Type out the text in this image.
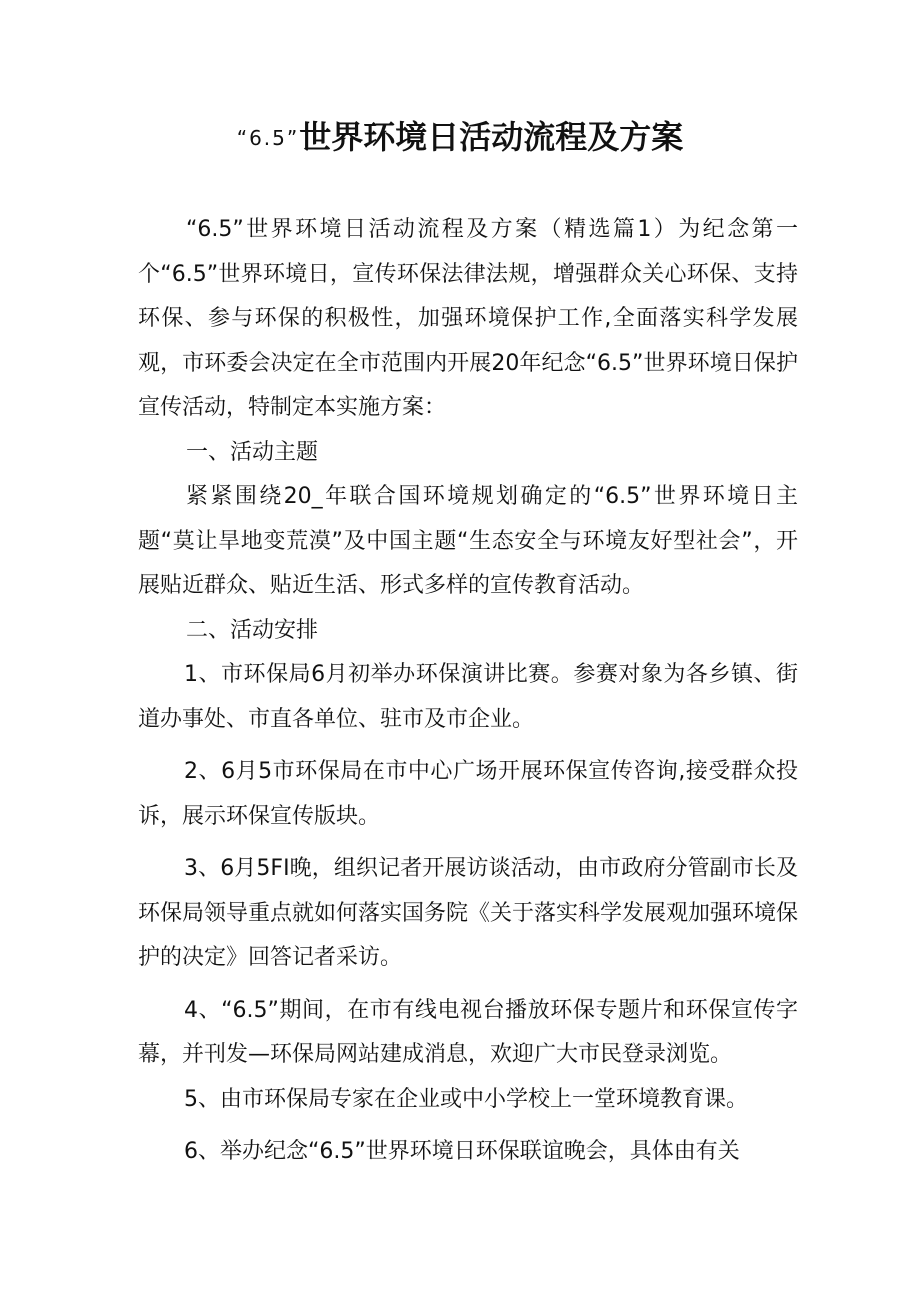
“6.5”世界环境日活动流程及方案

“6.5”世界环境日活动流程及方案（精选篇1）为纪念第一个“6.5”世界环境日，宣传环保法律法规，增强群众关心环保、支持环保、参与环保的积极性，加强环境保护工作,全面落实科学发展观，市环委会决定在全市范围内开展20年纪念“6.5”世界环境日保护宣传活动，特制定本实施方案：

一、活动主题

紧紧围绕20_年联合国环境规划确定的“6.5”世界环境日主题“莫让旱地变荒漠”及中国主题“生态安全与环境友好型社会”，开展贴近群众、贴近生活、形式多样的宣传教育活动。

二、活动安排

1、市环保局6月初举办环保演讲比赛。参赛对象为各乡镇、街道办事处、市直各单位、驻市及市企业。

2、6月5市环保局在市中心广场开展环保宣传咨询,接受群众投诉，展示环保宣传版块。

3、6月5FI晚，组织记者开展访谈活动，由市政府分管副市长及环保局领导重点就如何落实国务院《关于落实科学发展观加强环境保护的决定》回答记者采访。

4、“6.5”期间，在市有线电视台播放环保专题片和环保宣传字幕，并刊发—环保局网站建成消息，欢迎广大市民登录浏览。

5、由市环保局专家在企业或中小学校上一堂环境教育课。

6、举办纪念“6.5”世界环境日环保联谊晚会，具体由有关
